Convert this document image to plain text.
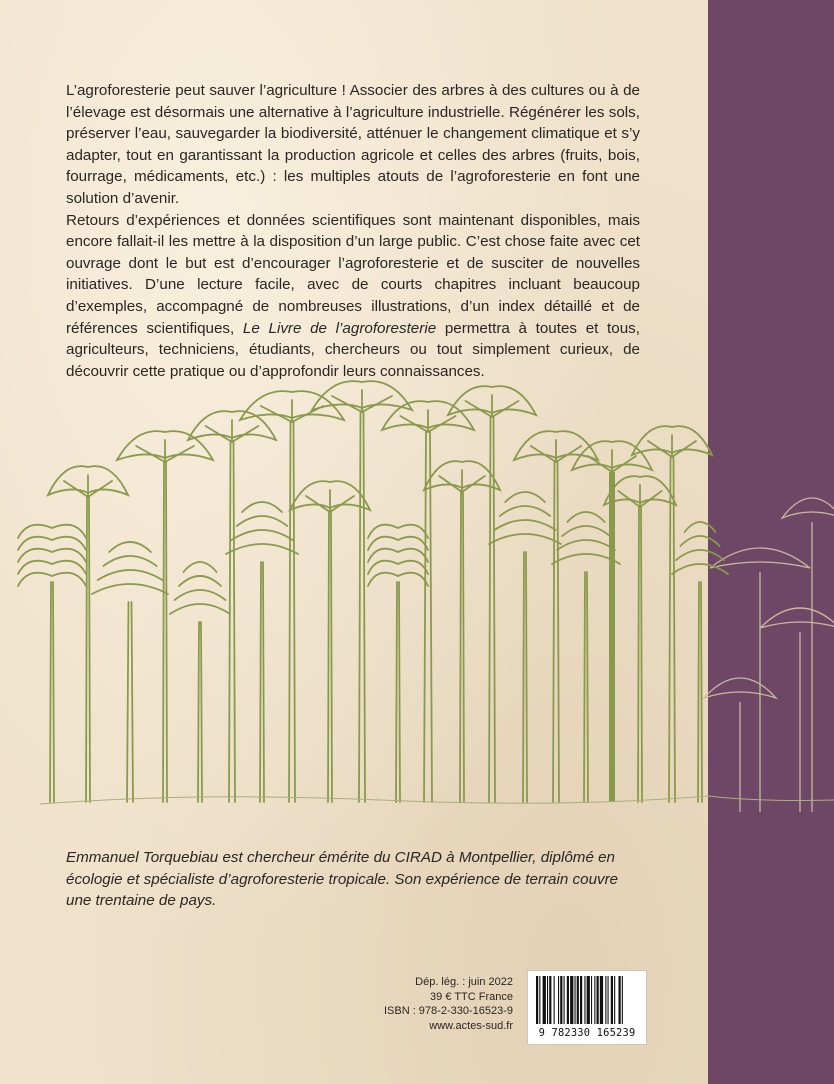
L’agroforesterie peut sauver l’agriculture ! Associer des arbres à des cultures ou à de l’élevage est désormais une alternative à l’agriculture industrielle. Régénérer les sols, préserver l’eau, sauvegarder la biodiversité, atténuer le changement climatique et s’y adapter, tout en garantissant la production agricole et celles des arbres (fruits, bois, fourrage, médicaments, etc.) : les multiples atouts de l’agroforesterie en font une solution d’avenir.

Retours d’expériences et données scientifiques sont maintenant disponibles, mais encore fallait-il les mettre à la disposition d’un large public. C’est chose faite avec cet ouvrage dont le but est d’encourager l’agroforesterie et de susciter de nouvelles initiatives. D’une lecture facile, avec de courts chapitres incluant beaucoup d’exemples, accompagné de nombreuses illustrations, d’un index détaillé et de références scientifiques, Le Livre de l’agroforesterie permettra à toutes et tous, agriculteurs, techniciens, étudiants, chercheurs ou tout simplement curieux, de découvrir cette pratique ou d’approfondir leurs connaissances.

Emmanuel Torquebiau est chercheur émérite du CIRAD à Montpellier, diplômé en écologie et spécialiste d’agroforesterie tropicale. Son expérience de terrain couvre une trentaine de pays.
Dép. lég. : juin 2022
39 € TTC France
ISBN : 978-2-330-16523-9
www.actes-sud.fr
9 782330 165239
